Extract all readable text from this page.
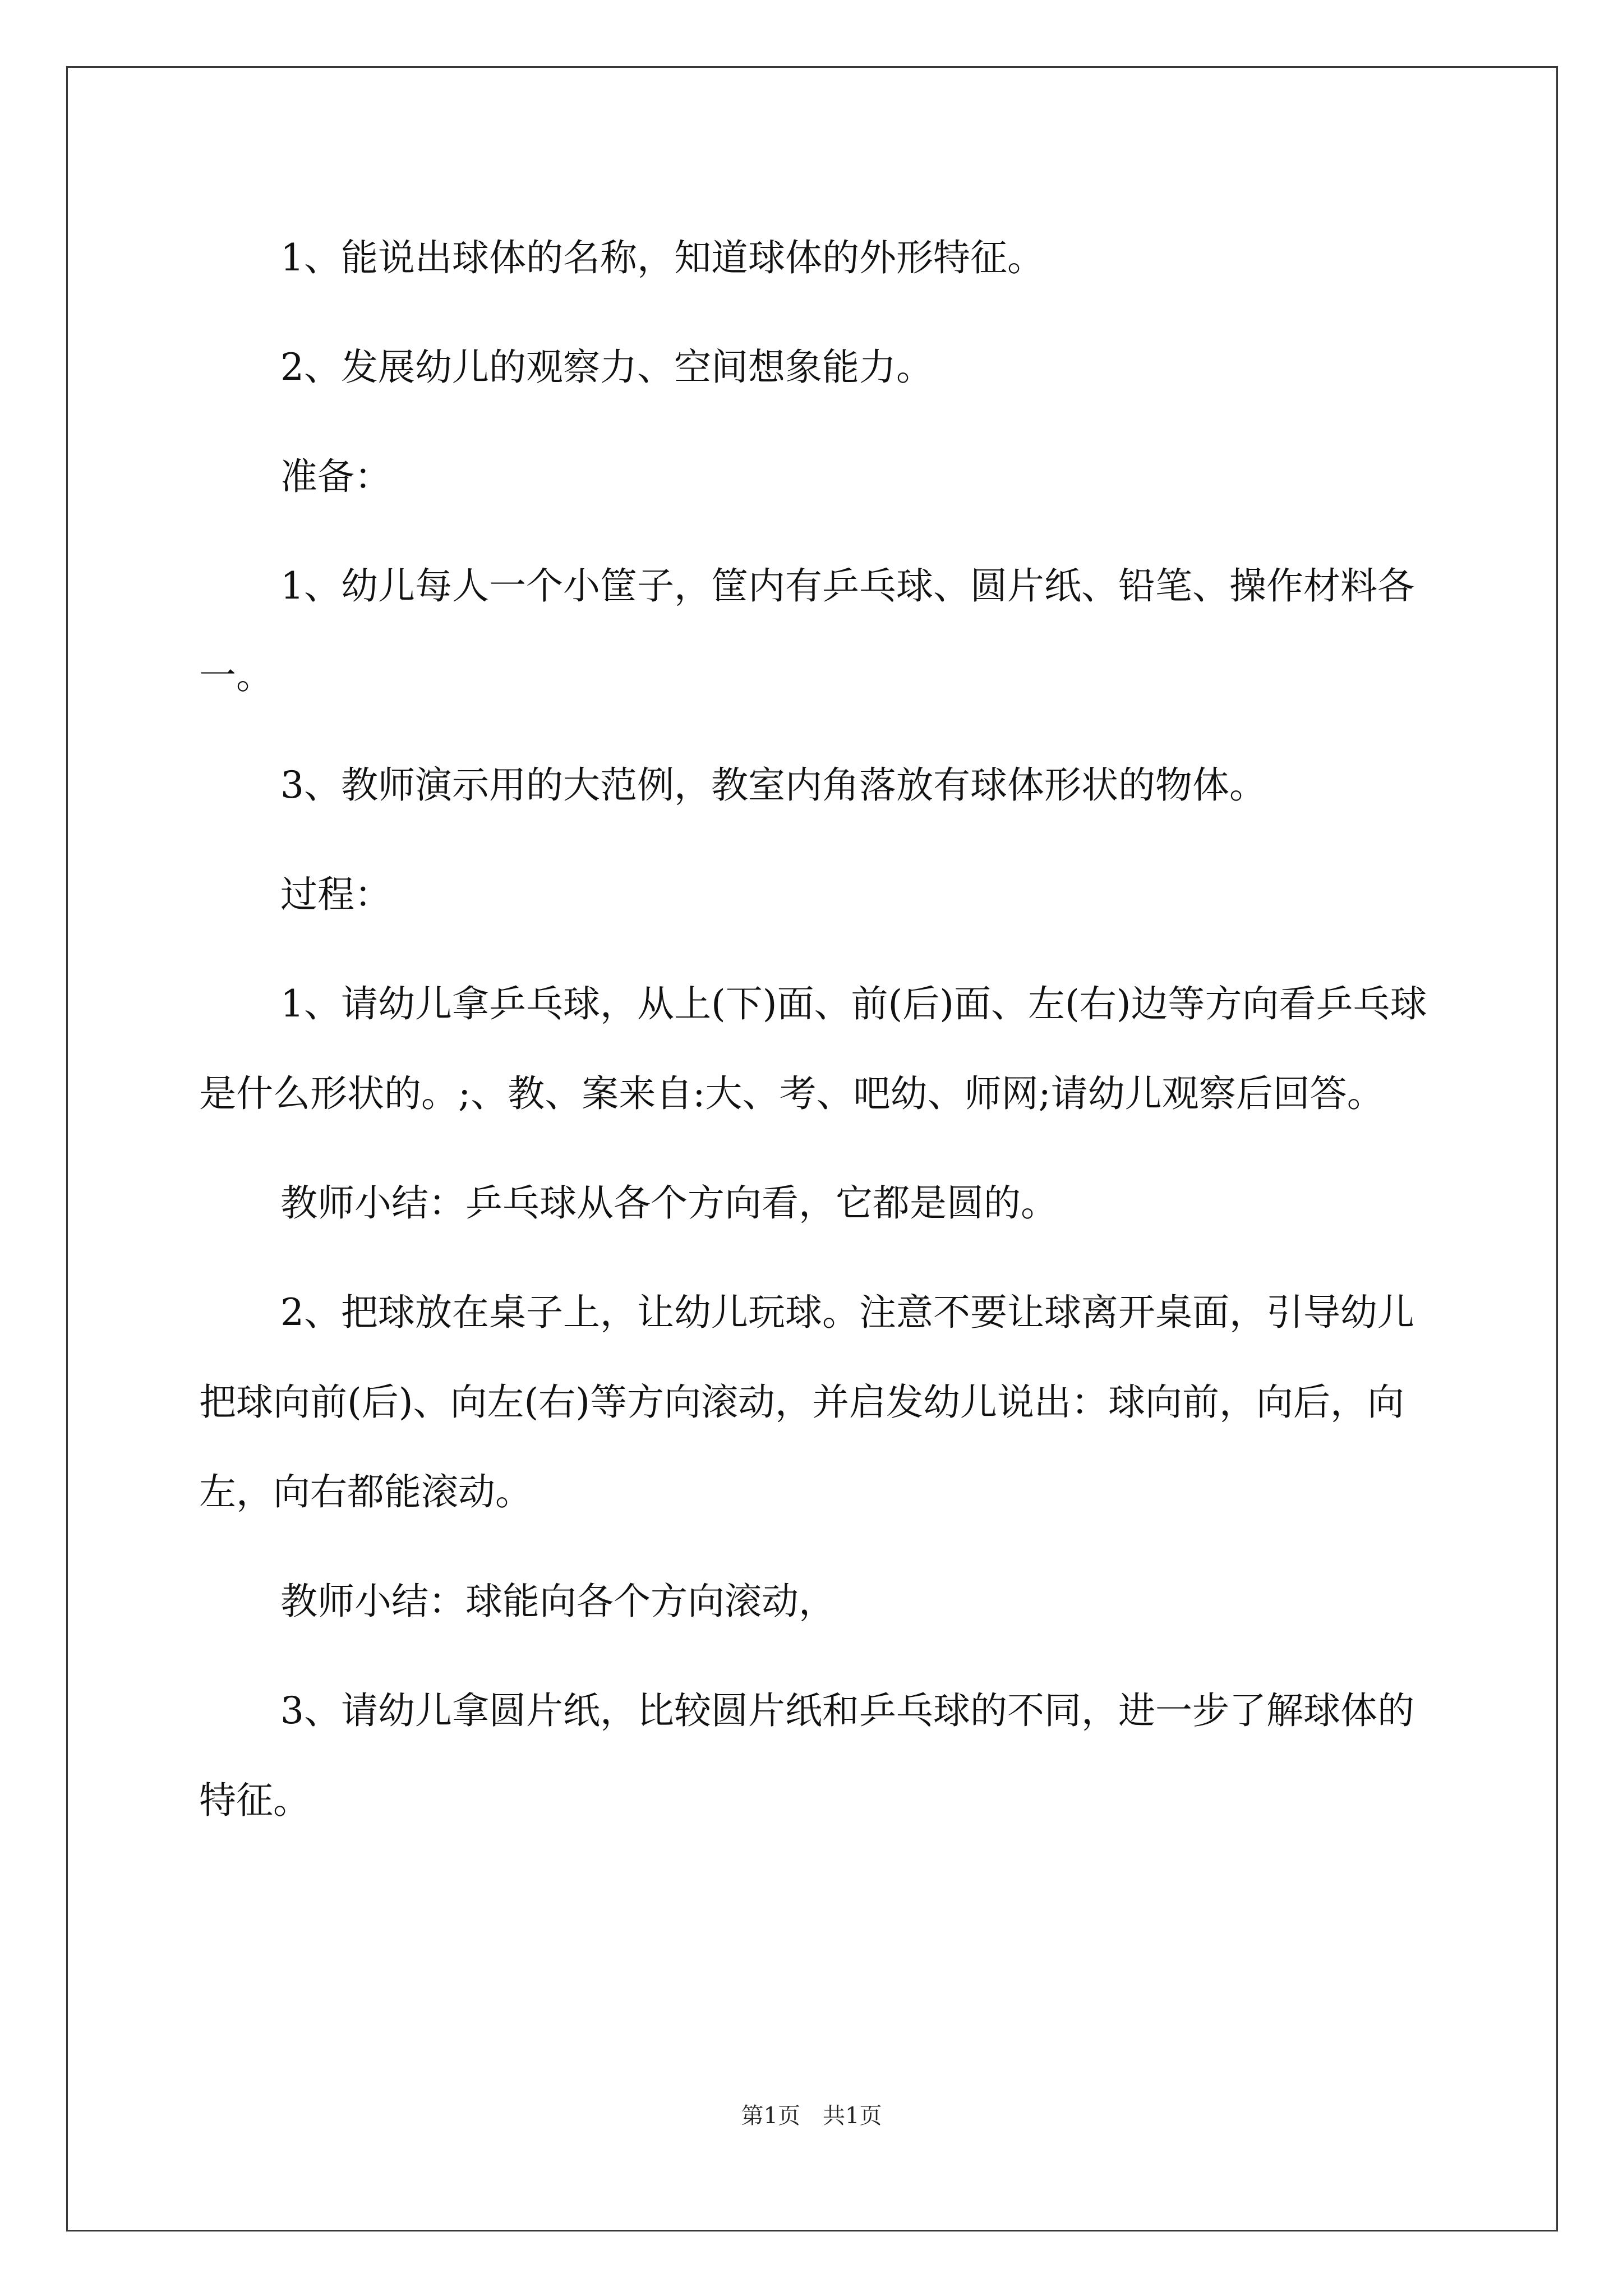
1、能说出球体的名称，知道球体的外形特征。

2、发展幼儿的观察力、空间想象能力。

准备：

1、幼儿每人一个小筐子，筐内有乒乓球、圆片纸、铅笔、操作材料各一。

3、教师演示用的大范例，教室内角落放有球体形状的物体。

过程：

1、请幼儿拿乒乓球，从上(下)面、前(后)面、左(右)边等方向看乒乓球是什么形状的。;、教、案来自:大、考、吧幼、师网;请幼儿观察后回答。

教师小结：乒乓球从各个方向看，它都是圆的。

2、把球放在桌子上，让幼儿玩球。注意不要让球离开桌面，引导幼儿把球向前(后)、向左(右)等方向滚动，并启发幼儿说出：球向前，向后，向左，向右都能滚动。

教师小结：球能向各个方向滚动，

3、请幼儿拿圆片纸，比较圆片纸和乒乓球的不同，进一步了解球体的特征。

第1页 共1页
